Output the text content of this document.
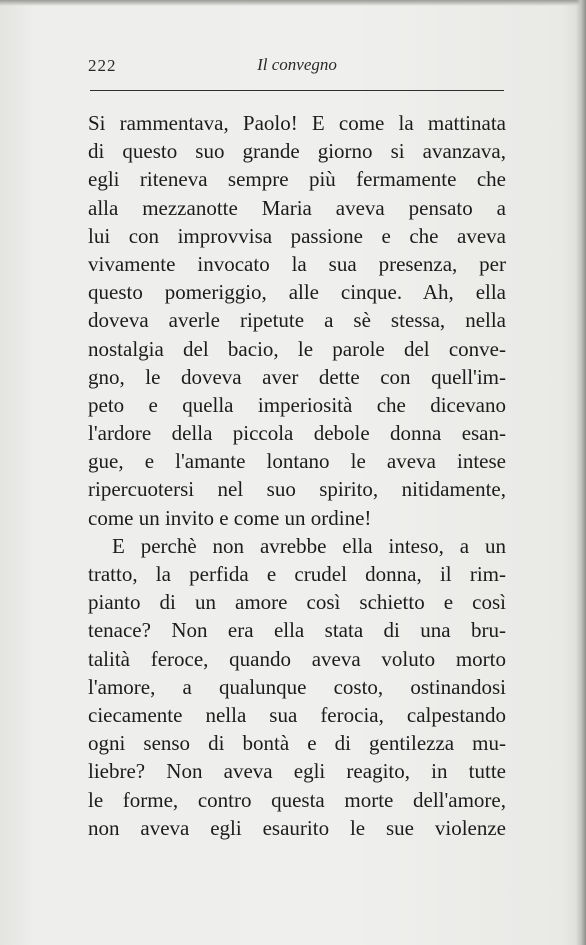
222	Il convegno

Si rammentava, Paolo! E come la mattinata
di questo suo grande giorno si avanzava,
egli riteneva sempre più fermamente che
alla mezzanotte Maria aveva pensato a
lui con improvvisa passione e che aveva
vivamente invocato la sua presenza, per
questo pomeriggio, alle cinque. Ah, ella
doveva averle ripetute a sè stessa, nella
nostalgia del bacio, le parole del conve-
gno, le doveva aver dette con quell'im-
peto e quella imperiosità che dicevano
l'ardore della piccola debole donna esan-
gue, e l'amante lontano le aveva intese
ripercuotersi nel suo spirito, nitidamente,
come un invito e come un ordine!

E perchè non avrebbe ella inteso, a un
tratto, la perfida e crudel donna, il rim-
pianto di un amore così schietto e così
tenace? Non era ella stata di una bru-
talità feroce, quando aveva voluto morto
l'amore, a qualunque costo, ostinandosi
ciecamente nella sua ferocia, calpestando
ogni senso di bontà e di gentilezza mu-
liebre? Non aveva egli reagito, in tutte
le forme, contro questa morte dell'amore,
non aveva egli esaurito le sue violenze
